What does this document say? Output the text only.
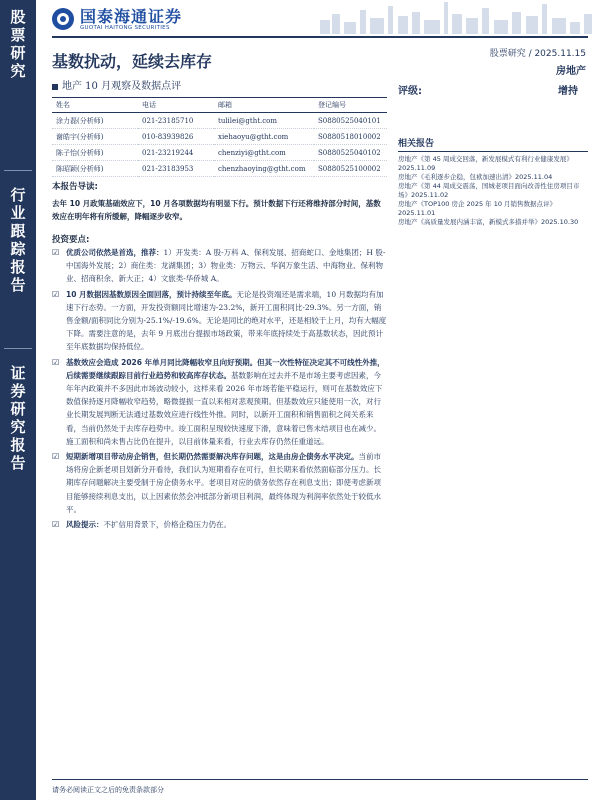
股
票
研
究
行
业
跟
踪
报
告
证
券
研
究
报
告
国泰海通证券
GUOTAI HAITONG SECURITIES
基数扰动，延续去库存	股票研究 / 2025.11.15
房地产
地产 10 月观察及数据点评	评级:	增持
姓名	电话	邮箱	登记编号
涂力磊(分析师)	021-23185710	tulilei@gtht.com	S0880525040101
谢皓宇(分析师)	010-83939826	xiehaoyu@gtht.com	S0880518010002
陈子怡(分析师)	021-23219244	chenziyi@gtht.com	S0880525040102
陈昭颖(分析师)	021-23183953	chenzhaoying@gtht.com	S0880525100002
相关报告
房地产《第 45 周成交回落，新发展模式有利行业健康发展》2025.11.09
房地产《毛利逐步企稳，包袱加速出清》2025.11.04
房地产《第 44 周成交震荡，国城老项目面向改善性住房项目市场》2025.11.02
房地产《TOP100 房企 2025 年 10 月销售数据点评》2025.11.01
房地产《高质量发展内涵丰富，新模式多措并举》2025.10.30
本报告导读:
去年 10 月政策基础效应下，10 月各项数据均有明显下行。预计数据下行还将维持部分时间，基数效应在明年将有所缓解，降幅逐步收窄。
投资要点:
☑ 优质公司依然是首选，推荐：1）开发类：A 股-万科 A、保利发展、招商蛇口、金地集团；H 股-中国海外发展；2）商住类：龙湖集团；3）物业类：万物云、华润万象生活、中海物业、保利物业、招商积余、新大正；4）文旅类-华侨城 A。
☑ 10 月数据因基数原因全面回落，预计持续至年底。无论是投资端还是需求端，10 月数据均有加速下行态势。一方面，开发投资额同比增速为-23.2%，新开工面积同比-29.3%。另一方面，销售金额/面积同比分别为-25.1%/-19.6%。无论是同比的绝对水平，还是相较于上月，均有大幅度下降。需要注意的是，去年 9 月底出台提振市场政策，带来年底持续处于高基数状态，因此预计至年底数据均保持低位。
☑ 基数效应会造成 2026 年单月同比降幅收窄且向好预期。但其一次性特征决定其不可线性外推，后续需要继续跟踪目前行业趋势和较高库存状态。基数影响在过去并不是市场主要考虑因素，今年年内政策并不多因此市场波动较小，这样来看 2026 年市场若能平稳运行，则可在基数效应下数值保持逐月降幅收窄趋势，略微提振一直以来相对悲观预期。但基数效应只能使用一次，对行业长期发展判断无法通过基数效应进行线性外推。同时，以新开工面积和销售面积之间关系来看，当前仍然处于去库存趋势中。竣工面积呈现较快速度下滑，意味着已售未结项目也在减少。施工面积和尚未售占比仍在提升，以目前体量来看，行业去库存仍然任重道远。
☑ 短期新增项目带动房企销售，但长期仍然需要解决库存问题，这是由房企债务水平决定。当前市场将房企新老项目划新分开看待，我们认为短期看存在可行，但长期来看依然面临部分压力。长期库存问题解决主要受制于房企债务水平。老项目对应的债务依然存在利息支出；即使考虑新项目能够接续利息支出，以上因素依然会冲抵部分新项目利润，最终体现为利润率依然处于较低水平。
☑ 风险提示：不扩信用背景下，价格企稳压力仍在。
请务必阅读正文之后的免责条款部分
